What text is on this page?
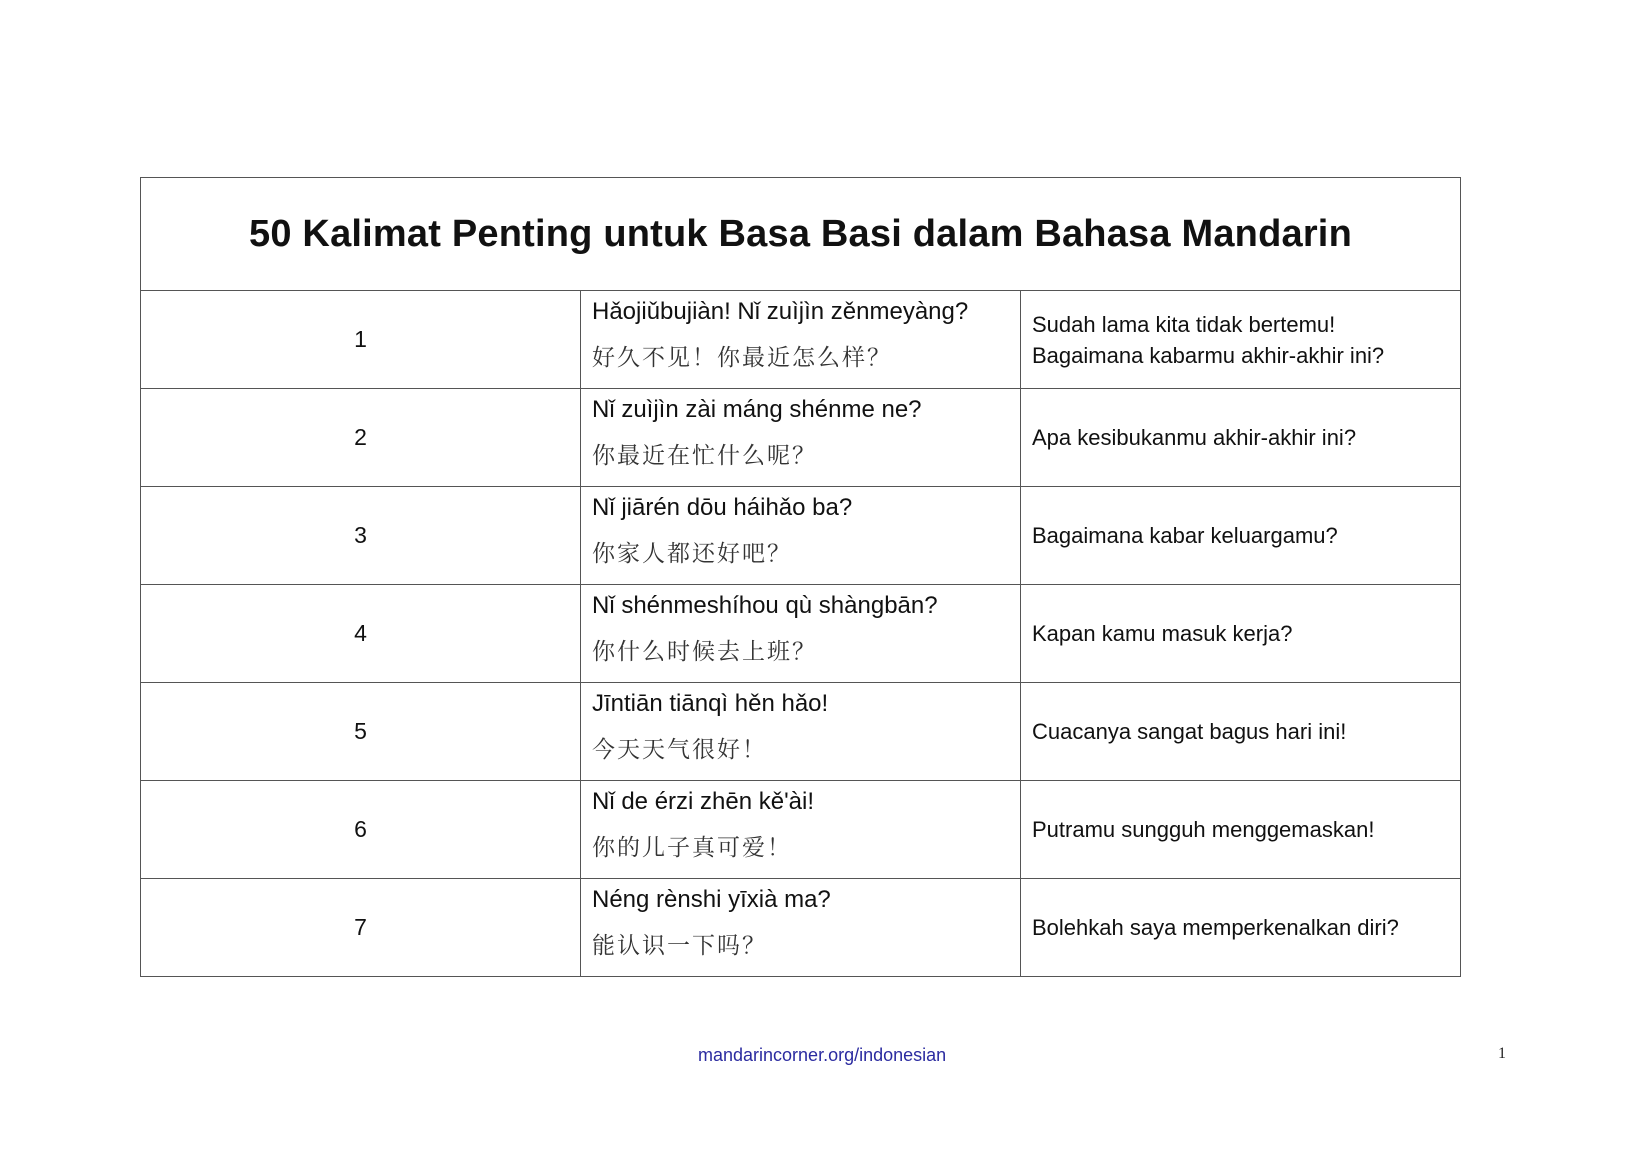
50 Kalimat Penting untuk Basa Basi dalam Bahasa Mandarin		
1	Hǎojiǔbujiàn! Nǐ zuìjìn zěnmeyàng?
好久不见！你最近怎么样？	Sudah lama kita tidak bertemu! Bagaimana kabarmu akhir-akhir ini?
2	Nǐ zuìjìn zài máng shénme ne?
你最近在忙什么呢？	Apa kesibukanmu akhir-akhir ini?
3	Nǐ jiārén dōu háihǎo ba?
你家人都还好吧？	Bagaimana kabar keluargamu?
4	Nǐ shénmeshíhou qù shàngbān?
你什么时候去上班？	Kapan kamu masuk kerja?
5	Jīntiān tiānqì hěn hǎo!
今天天气很好！	Cuacanya sangat bagus hari ini!
6	Nǐ de érzi zhēn kě'ài!
你的儿子真可爱！	Putramu sungguh menggemaskan!
7	Néng rènshi yīxià ma?
能认识一下吗？	Bolehkah saya memperkenalkan diri?
mandarincorner.org/indonesian	1
